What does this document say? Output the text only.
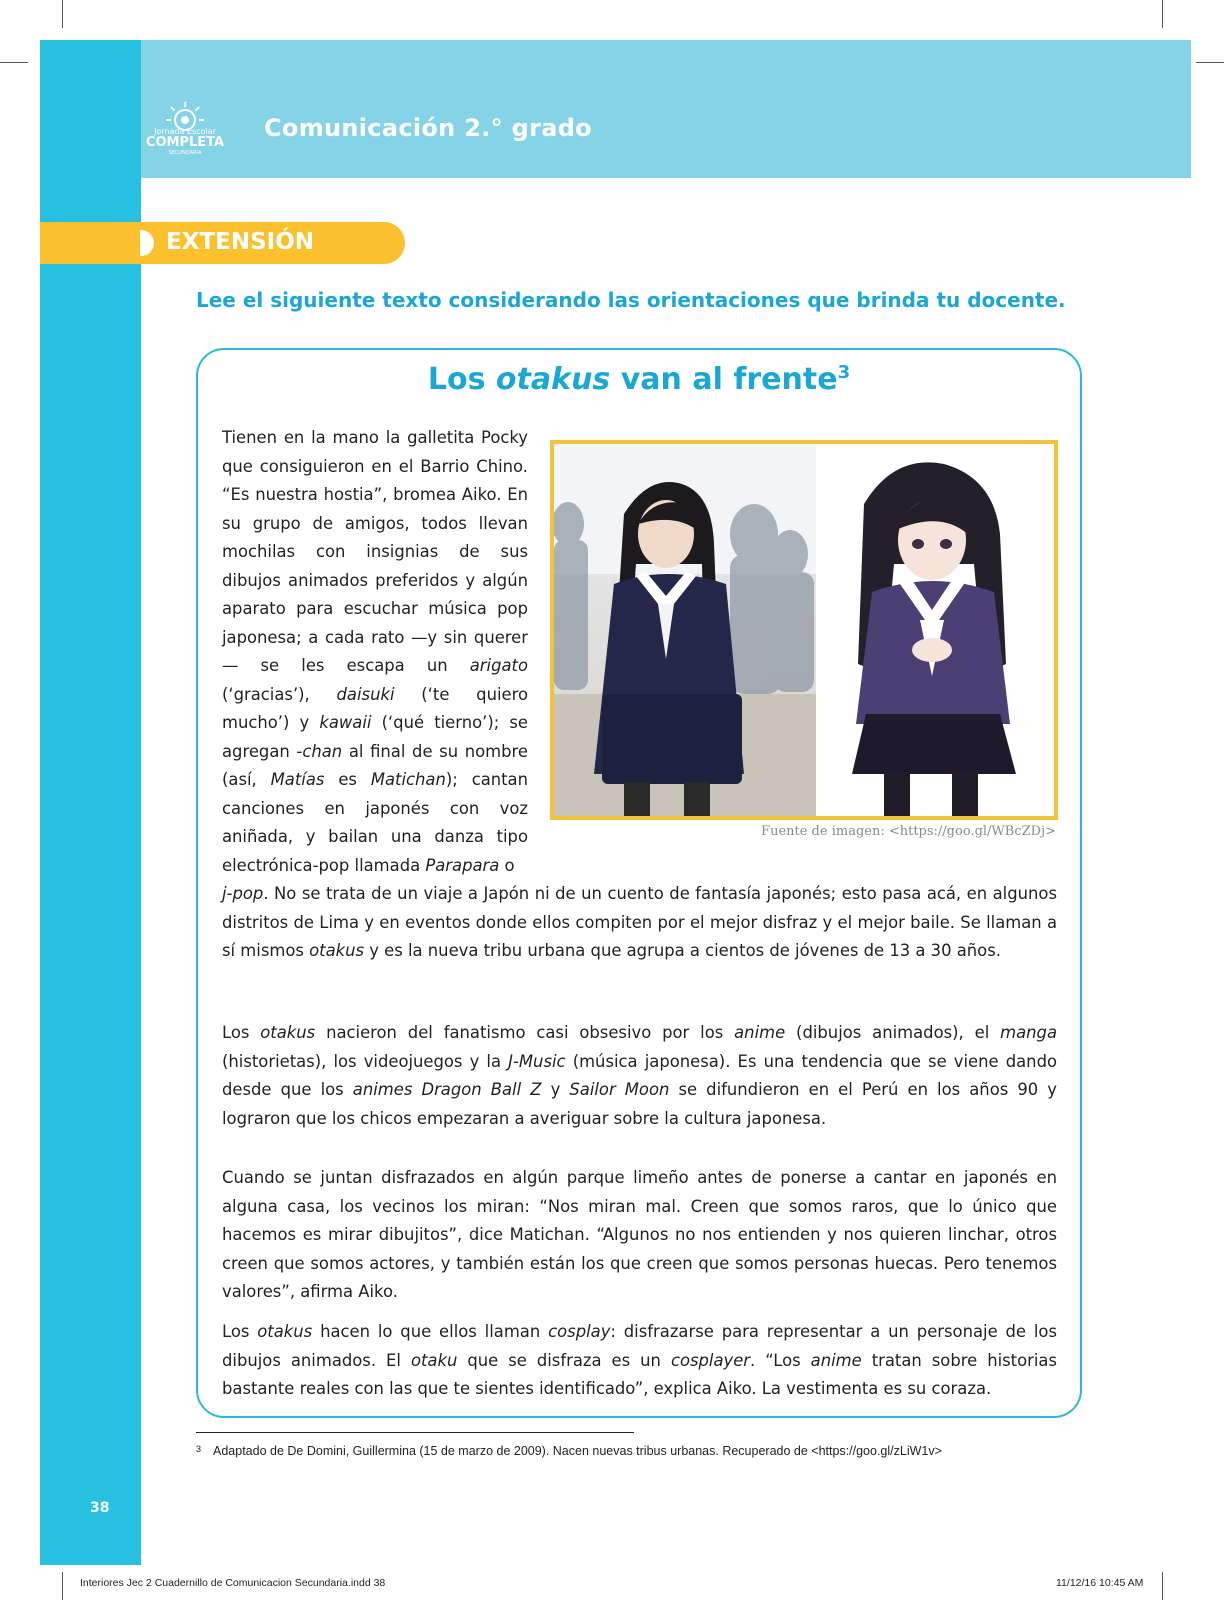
Jornada Escolar
COMPLETA
SECUNDARIA
Comunicación 2.° grado
EXTENSIÓN
Lee el siguiente texto considerando las orientaciones que brinda tu docente.
Los otakus van al frente$^3$
Tienen en la mano la galletita Pocky que consiguieron en el Barrio Chino. “Es nuestra hostia”, bromea Aiko. En su grupo de amigos, todos llevan mochilas con insignias de sus dibujos animados preferidos y algún aparato para escuchar música pop japonesa; a cada rato —y sin querer— se les escapa un arigato (‘gracias’), daisuki (‘te quiero mucho’) y kawaii (‘qué tierno’); se agregan -chan al final de su nombre (así, Matías es Matichan); cantan canciones en japonés con voz aniñada, y bailan una danza tipo electrónica-pop llamada Parapara o
Fuente de imagen: <https://goo.gl/WBcZDj>
j-pop. No se trata de un viaje a Japón ni de un cuento de fantasía japonés; esto pasa acá, en algunos distritos de Lima y en eventos donde ellos compiten por el mejor disfraz y el mejor baile. Se llaman a sí mismos otakus y es la nueva tribu urbana que agrupa a cientos de jóvenes de 13 a 30 años.
Los otakus nacieron del fanatismo casi obsesivo por los anime (dibujos animados), el manga (historietas), los videojuegos y la J-Music (música japonesa). Es una tendencia que se viene dando desde que los animes Dragon Ball Z y Sailor Moon se difundieron en el Perú en los años 90 y lograron que los chicos empezaran a averiguar sobre la cultura japonesa.
Cuando se juntan disfrazados en algún parque limeño antes de ponerse a cantar en japonés en alguna casa, los vecinos los miran: “Nos miran mal. Creen que somos raros, que lo único que hacemos es mirar dibujitos”, dice Matichan. “Algunos no nos entienden y nos quieren linchar, otros creen que somos actores, y también están los que creen que somos personas huecas. Pero tenemos valores”, afirma Aiko.
Los otakus hacen lo que ellos llaman cosplay: disfrazarse para representar a un personaje de los dibujos animados. El otaku que se disfraza es un cosplayer. “Los anime tratan sobre historias bastante reales con las que te sientes identificado”, explica Aiko. La vestimenta es su coraza.
$^3$ Adaptado de De Domini, Guillermina (15 de marzo de 2009). Nacen nuevas tribus urbanas. Recuperado de <https://goo.gl/zLiW1v>
38
Interiores Jec 2 Cuadernillo de Comunicacion Secundaria.indd 38	11/12/16 10:45 AM
